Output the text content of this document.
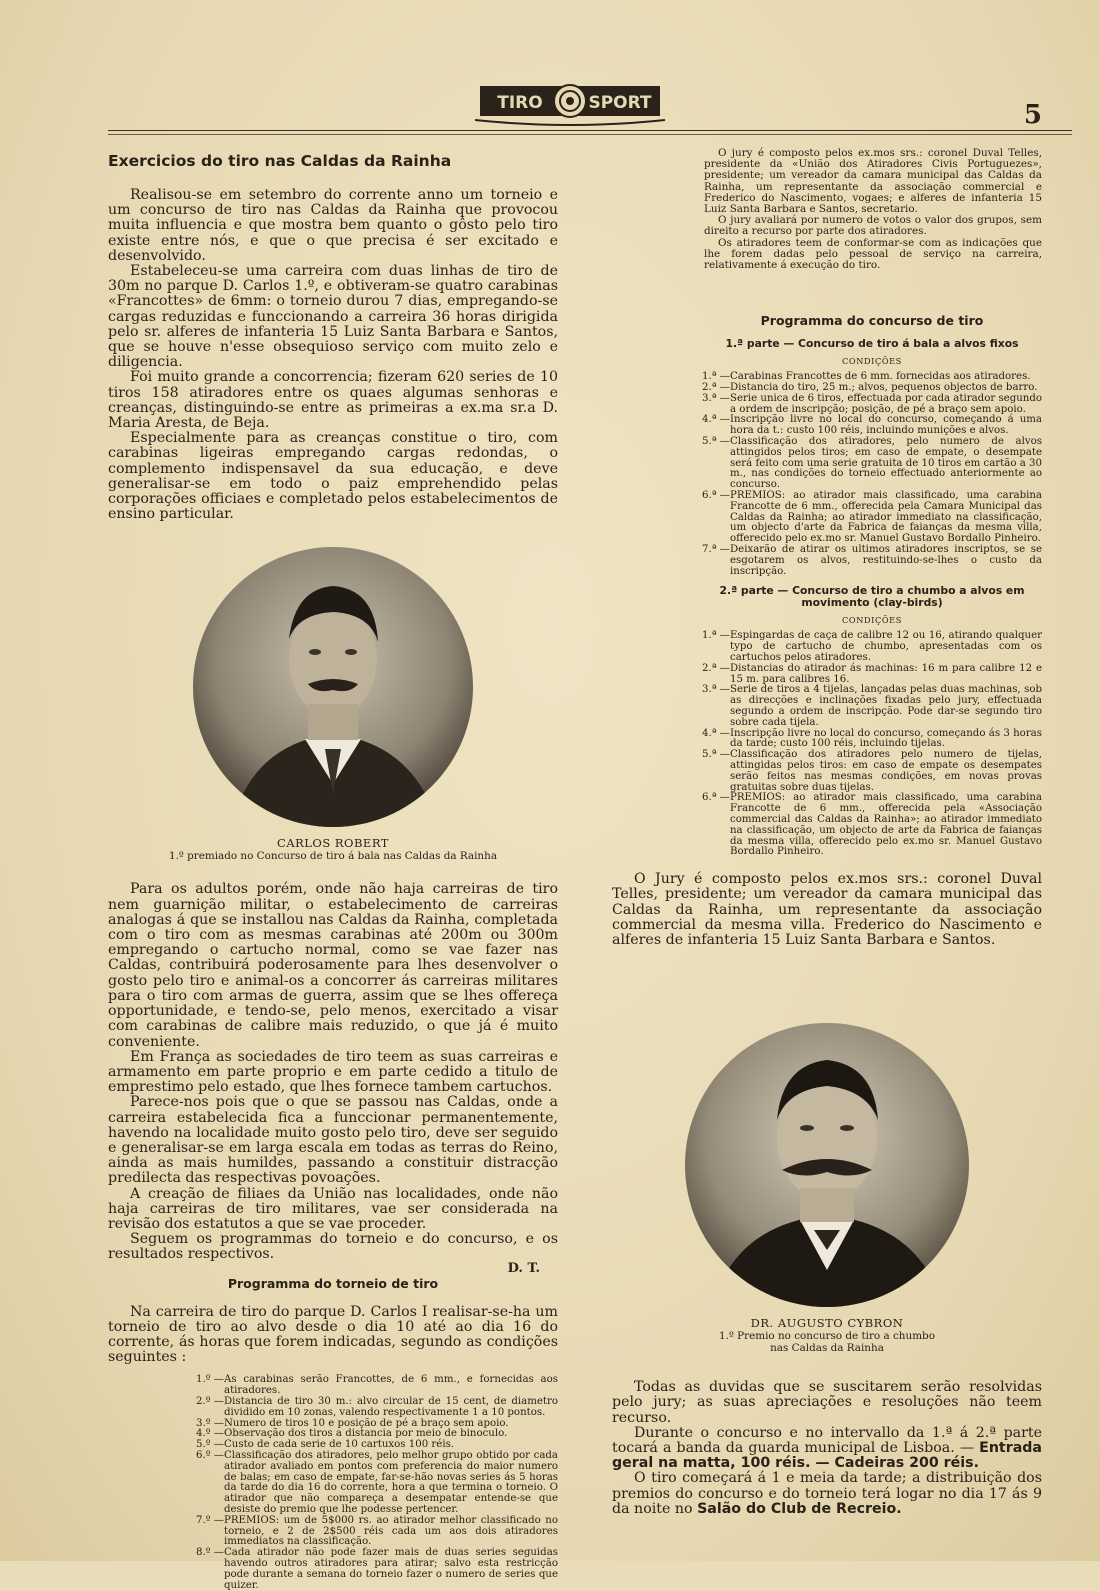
TIRO	SPORT	5
Exercicios do tiro nas Caldas da Rainha

Realisou-se em setembro do corrente anno um torneio e um concurso de tiro nas Caldas da Rainha que provocou muita influencia e que mostra bem quanto o gôsto pelo tiro existe entre nós, e que o que precisa é ser excitado e desenvolvido.

Estabeleceu-se uma carreira com duas linhas de tiro de 30m no parque D. Carlos 1.º, e obtiveram-se quatro carabinas «Francottes» de 6mm: o torneio durou 7 dias, empregando-se cargas reduzidas e funccionando a carreira 36 horas dirigida pelo sr. alferes de infanteria 15 Luiz Santa Barbara e Santos, que se houve n'esse obsequioso serviço com muito zelo e diligencia.

Foi muito grande a concorrencia; fizeram 620 series de 10 tiros 158 atiradores entre os quaes algumas senhoras e creanças, distinguindo-se entre as primeiras a ex.ma sr.a D. Maria Aresta, de Beja.

Especialmente para as creanças constitue o tiro, com carabinas ligeiras empregando cargas redondas, o complemento indispensavel da sua educação, e deve generalisar-se em todo o paiz emprehendido pelas corporações officiaes e completado pelos estabelecimentos de ensino particular.

CARLOS ROBERT
1.º premiado no Concurso de tiro á bala nas Caldas da Rainha

Para os adultos porém, onde não haja carreiras de tiro nem guarnição militar, o estabelecimento de carreiras analogas á que se installou nas Caldas da Rainha, completada com o tiro com as mesmas carabinas até 200m ou 300m empregando o cartucho normal, como se vae fazer nas Caldas, contribuirá poderosamente para lhes desenvolver o gosto pelo tiro e animal-os a concorrer ás carreiras militares para o tiro com armas de guerra, assim que se lhes offereça opportunidade, e tendo-se, pelo menos, exercitado a visar com carabinas de calibre mais reduzido, o que já é muito conveniente.

Em França as sociedades de tiro teem as suas carreiras e armamento em parte proprio e em parte cedido a titulo de emprestimo pelo estado, que lhes fornece tambem cartuchos.

Parece-nos pois que o que se passou nas Caldas, onde a carreira estabelecida fica a funccionar permanentemente, havendo na localidade muito gosto pelo tiro, deve ser seguido e generalisar-se em larga escala em todas as terras do Reino, ainda as mais humildes, passando a constituir distracção predilecta das respectivas povoações.

A creação de filiaes da União nas localidades, onde não haja carreiras de tiro militares, vae ser considerada na revisão dos estatutos a que se vae proceder.

Seguem os programmas do torneio e do concurso, e os resultados respectivos.

D. T.
Programma do torneio de tiro

Na carreira de tiro do parque D. Carlos I realisar-se-ha um torneio de tiro ao alvo desde o dia 10 até ao dia 16 do corrente, ás horas que forem indicadas, segundo as condições seguintes :

1.º — As carabinas serão Francottes, de 6 mm., e fornecidas aos atiradores.
2.º — Distancia de tiro 30 m.: alvo circular de 15 cent, de diametro dividido em 10 zonas, valendo respectivamente 1 a 10 pontos.
3.º — Numero de tiros 10 e posição de pé a braço sem apoio.
4.º — Observação dos tiros a distancia por meio de binoculo.
5.º — Custo de cada serie de 10 cartuxos 100 réis.
6.º — Classificação dos atiradores, pelo melhor grupo obtido por cada atirador avaliado em pontos com preferencia do maior numero de balas; em caso de empate, far-se-hão novas series ás 5 horas da tarde do dia 16 do corrente, hora a que termina o torneio. O atirador que não compareça a desempatar entende-se que desiste do premio que lhe podesse pertencer.
7.º — PREMIOS: um de 5$000 rs. ao atirador melhor classificado no torneio, e 2 de 2$500 réis cada um aos dois atiradores immediatos na classificação.
8.º — Cada atirador não pode fazer mais de duas series seguidas havendo outros atiradores para atirar; salvo esta restricção pode durante a semana do torneio fazer o numero de series que quizer.

O jury é composto pelos ex.mos srs.: coronel Duval Telles, presidente da «União dos Atiradores Civis Portuguezes», presidente; um vereador da camara municipal das Caldas da Rainha, um representante da associação commercial e Frederico do Nascimento, vogaes; e alferes de infanteria 15 Luiz Santa Barbara e Santos, secretario.

O jury avaliará por numero de votos o valor dos grupos, sem direito a recurso por parte dos atiradores.

Os atiradores teem de conformar-se com as indicações que lhe forem dadas pelo pessoal de serviço na carreira, relativamente á execução do tiro.

Programma do concurso de tiro
1.ª parte — Concurso de tiro á bala a alvos fixos
CONDIÇÕES
1.ª — Carabinas Francottes de 6 mm. fornecidas aos atiradores.
2.ª — Distancia do tiro, 25 m.; alvos, pequenos objectos de barro.
3.ª — Serie unica de 6 tiros, effectuada por cada atirador segundo a ordem de inscripção; posição, de pé a braço sem apoio.
4.ª — Inscripção livre no local do concurso, começando á uma hora da t.: custo 100 réis, incluindo munições e alvos.
5.ª — Classificação dos atiradores, pelo numero de alvos attingidos pelos tiros; em caso de empate, o desempate será feito com uma serie gratuita de 10 tiros em cartão a 30 m., nas condições do torneio effectuado anteriormente ao concurso.
6.ª — PREMIOS: ao atirador mais classificado, uma carabina Francotte de 6 mm., offerecida pela Camara Municipal das Caldas da Rainha; ao atirador immediato na classificação, um objecto d'arte da Fabrica de faianças da mesma villa, offerecido pelo ex.mo sr. Manuel Gustavo Bordallo Pinheiro.
7.ª — Deixarão de atirar os ultimos atiradores inscriptos, se se esgotarem os alvos, restituindo-se-lhes o custo da inscripção.
2.ª parte — Concurso de tiro a chumbo a alvos em movimento (clay-birds)
CONDIÇÕES
1.ª — Espingardas de caça de calibre 12 ou 16, atirando qualquer typo de cartucho de chumbo, apresentadas com os cartuchos pelos atiradores.
2.ª — Distancias do atirador ás machinas: 16 m para calibre 12 e 15 m. para calibres 16.
3.ª — Serie de tiros a 4 tijelas, lançadas pelas duas machinas, sob as direcções e inclinações fixadas pelo jury, effectuada segundo a ordem de inscripção. Pode dar-se segundo tiro sobre cada tijela.
4.ª — Inscripção livre no local do concurso, começando ás 3 horas da tarde; custo 100 réis, incluindo tijelas.
5.ª — Classificação dos atiradores pelo numero de tijelas, attingidas pelos tiros: em caso de empate os desempates serão feitos nas mesmas condições, em novas provas gratuitas sobre duas tijelas.
6.ª — PREMIOS: ao atirador mais classificado, uma carabina Francotte de 6 mm., offerecida pela «Associação commercial das Caldas da Rainha»; ao atirador immediato na classificação, um objecto de arte da Fabrica de faianças da mesma villa, offerecido pelo ex.mo sr. Manuel Gustavo Bordallo Pinheiro.

O Jury é composto pelos ex.mos srs.: coronel Duval Telles, presidente; um vereador da camara municipal das Caldas da Rainha, um representante da associação commercial da mesma villa. Frederico do Nascimento e alferes de infanteria 15 Luiz Santa Barbara e Santos.

DR. AUGUSTO CYBRON
1.º Premio no concurso de tiro a chumbo
nas Caldas da Rainha

Todas as duvidas que se suscitarem serão resolvidas pelo jury; as suas apreciações e resoluções não teem recurso.

Durante o concurso e no intervallo da 1.ª á 2.ª parte tocará a banda da guarda municipal de Lisboa. — Entrada geral na matta, 100 réis. — Cadeiras 200 réis.

O tiro começará á 1 e meia da tarde; a distribuição dos premios do concurso e do torneio terá logar no dia 17 ás 9 da noite no Salão do Club de Recreio.
